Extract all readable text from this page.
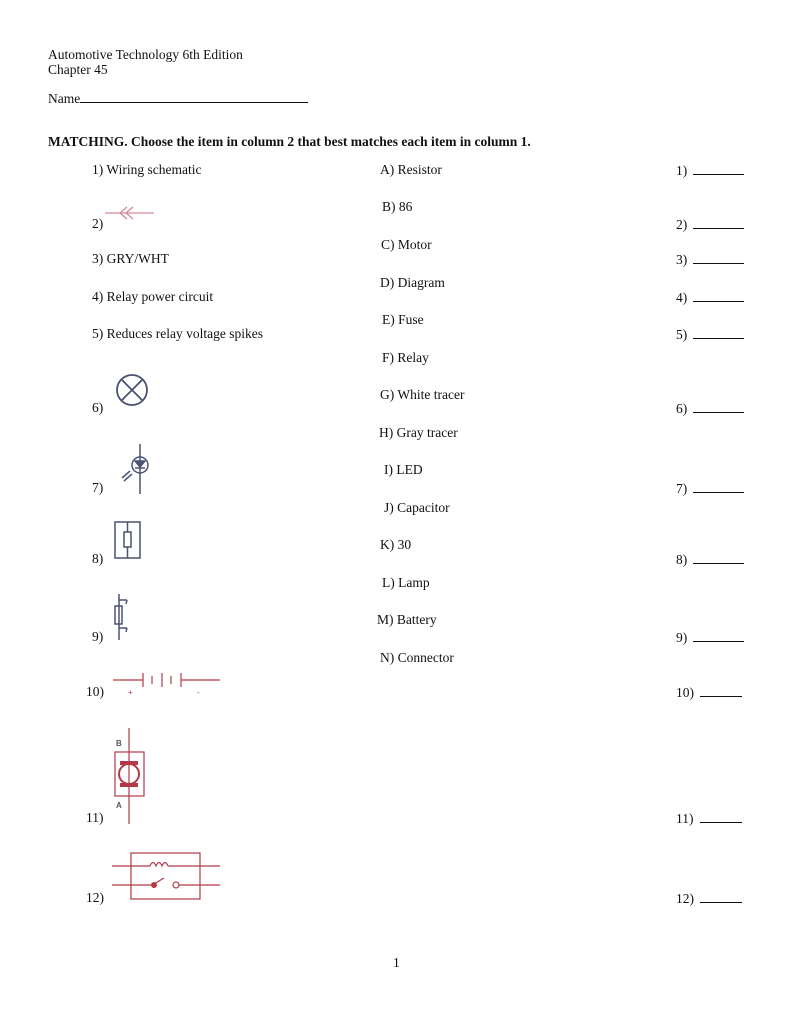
Automotive Technology 6th Edition
Chapter 45
Name
MATCHING. Choose the item in column 2 that best matches each item in column 1.
1) Wiring schematic
2)
3) GRY/WHT
4) Relay power circuit
5) Reduces relay voltage spikes
6)
7)
8)
9)
10)
11)
12)
+	-
B
A
A) Resistor
B) 86
C) Motor
D) Diagram
E) Fuse
F) Relay
G) White tracer
H) Gray tracer
I) LED
J) Capacitor
K) 30
L) Lamp
M) Battery
N) Connector
1)
2)
3)
4)
5)
6)
7)
8)
9)
10)
11)
12)
1
